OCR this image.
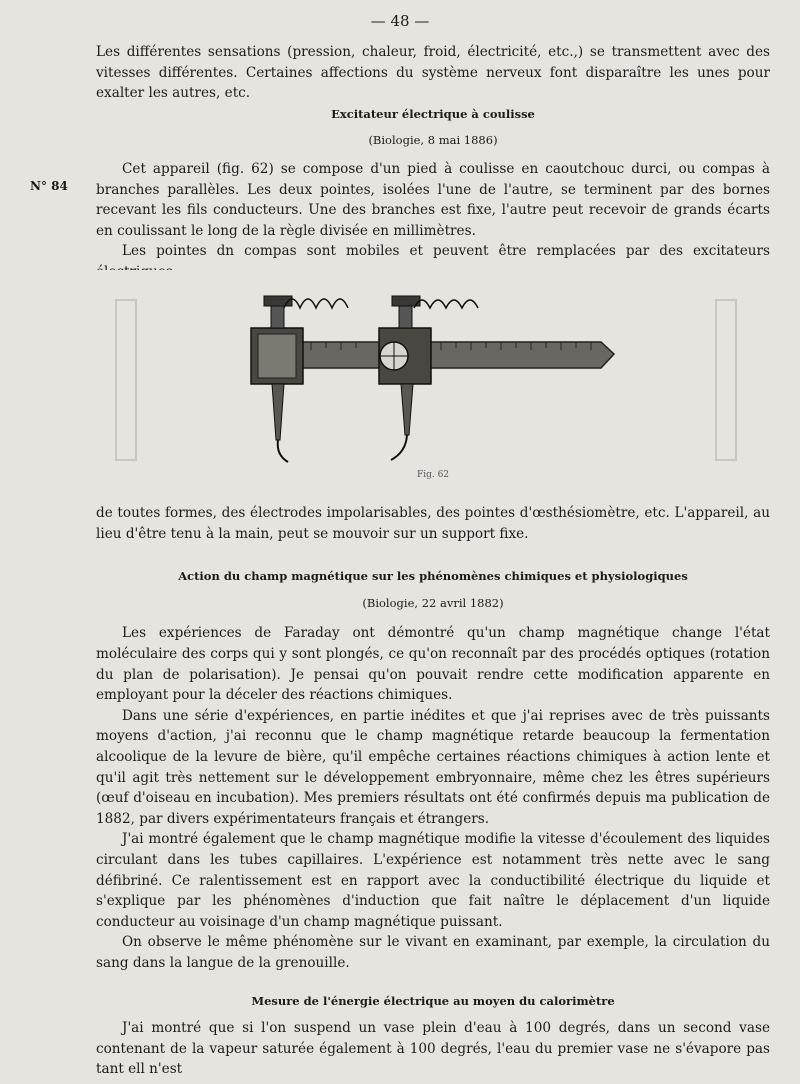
— 48 —
N° 84

Les différentes sensations (pression, chaleur, froid, électricité, etc.,) se transmettent avec des vitesses différentes. Certaines affections du système nerveux font disparaître les unes pour exalter les autres, etc.

Excitateur électrique à coulisse

(Biologie, 8 mai 1886)

Cet appareil (fig. 62) se compose d'un pied à coulisse en caoutchouc durci, ou compas à branches parallèles. Les deux pointes, isolées l'une de l'autre, se terminent par des bornes recevant les fils conducteurs. Une des branches est fixe, l'autre peut recevoir de grands écarts en coulissant le long de la règle divisée en millimètres.

Les pointes dn compas sont mobiles et peuvent être remplacées par des excitateurs

Fig. 62

de toutes formes, des électrodes impolarisables, des pointes d'œsthésiomètre, etc. L'appareil, au lieu d'être tenu à la main, peut se mouvoir sur un support fixe.

Action du champ magnétique sur les phénomènes chimiques et physiologiques

(Biologie, 22 avril 1882)

Les expériences de Faraday ont démontré qu'un champ magnétique change l'état moléculaire des corps qui y sont plongés, ce qu'on reconnaît par des procédés optiques (rotation du plan de polarisation). Je pensai qu'on pouvait rendre cette modification apparente en employant pour la déceler des réactions chimiques.

Dans une série d'expériences, en partie inédites et que j'ai reprises avec de très puissants moyens d'action, j'ai reconnu que le champ magnétique retarde beaucoup la fermentation alcoolique de la levure de bière, qu'il empêche certaines réactions chimiques à action lente et qu'il agit très nettement sur le développement embryonnaire, même chez les êtres supérieurs (œuf d'oiseau en incubation). Mes premiers résultats ont été confirmés depuis ma publication de 1882, par divers expérimentateurs français et étrangers.

J'ai montré également que le champ magnétique modifie la vitesse d'écoulement des liquides circulant dans les tubes capillaires. L'expérience est notamment très nette avec le sang défibriné. Ce ralentissement est en rapport avec la conductibilité électrique du liquide et s'explique par les phénomènes d'induction que fait naître le déplacement d'un liquide conducteur au voisinage d'un champ magnétique puissant.

On observe le même phénomène sur le vivant en examinant, par exemple, la circulation du sang dans la langue de la grenouille.

Mesure de l'énergie électrique au moyen du calorimètre

J'ai montré que si l'on suspend un vase plein d'eau à 100 degrés, dans un second vase contenant de la vapeur saturée également à 100 degrés, l'eau du premier vase ne s'évapore pas tant ell n'est
